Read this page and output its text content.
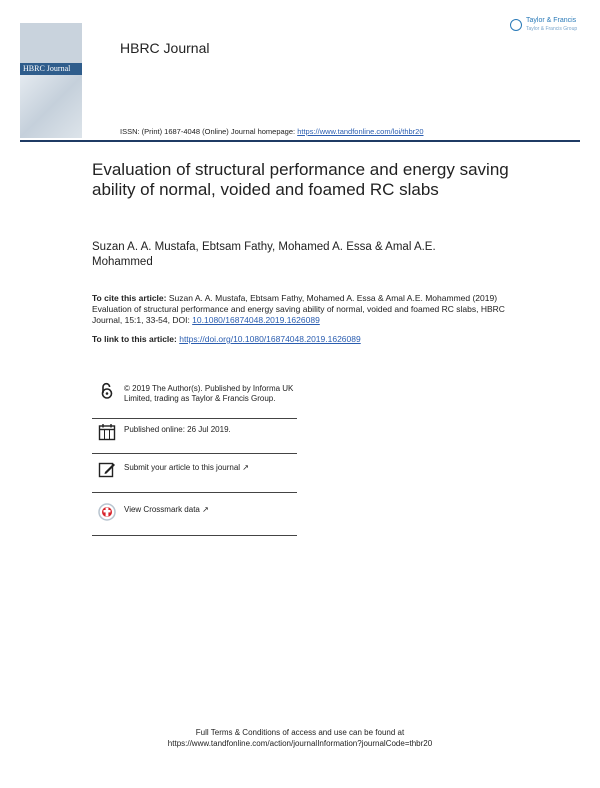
HBRC Journal
HBRC Journal
Taylor & Francis
Taylor & Francis Group
ISSN: (Print) 1687-4048 (Online) Journal homepage: https://www.tandfonline.com/loi/thbr20
Evaluation of structural performance and energy saving ability of normal, voided and foamed RC slabs
Suzan A. A. Mustafa, Ebtsam Fathy, Mohamed A. Essa & Amal A.E. Mohammed
To cite this article: Suzan A. A. Mustafa, Ebtsam Fathy, Mohamed A. Essa & Amal A.E. Mohammed (2019) Evaluation of structural performance and energy saving ability of normal, voided and foamed RC slabs, HBRC Journal, 15:1, 33-54, DOI: 10.1080/16874048.2019.1626089
To link to this article: https://doi.org/10.1080/16874048.2019.1626089
© 2019 The Author(s). Published by Informa UK Limited, trading as Taylor & Francis Group.
Published online: 26 Jul 2019.
Submit your article to this journal ↗
View Crossmark data ↗
Full Terms & Conditions of access and use can be found at
https://www.tandfonline.com/action/journalInformation?journalCode=thbr20
